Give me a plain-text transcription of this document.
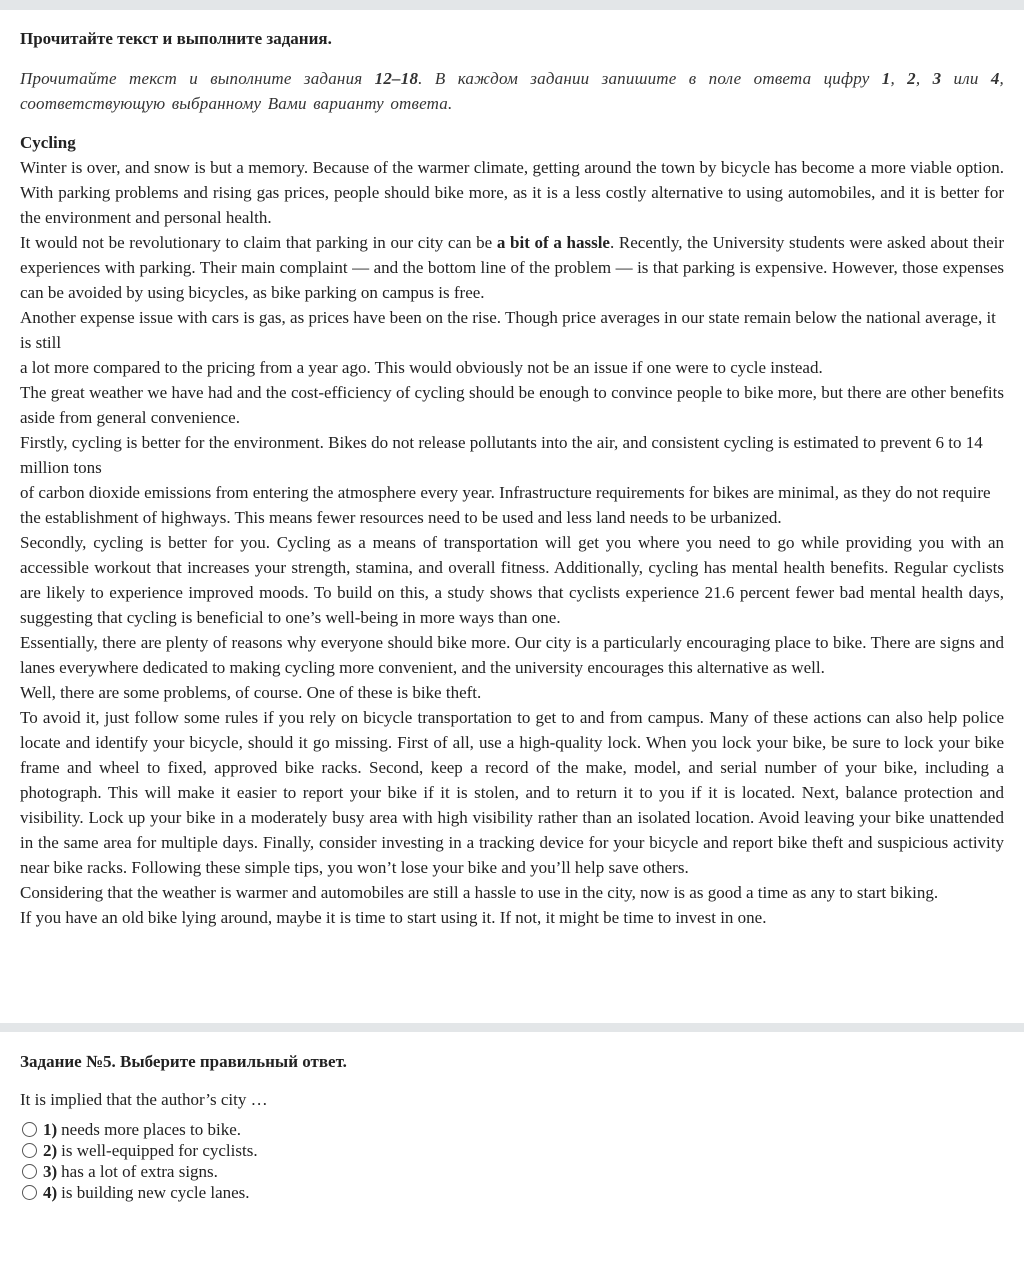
Прочитайте текст и выполните задания.
Прочитайте текст и выполните задания 12–18. В каждом задании запишите в поле ответа цифру 1, 2, 3 или 4, соответствующую выбранному Вами варианту ответа.

Cycling

Winter is over, and snow is but a memory. Because of the warmer climate, getting around the town by bicycle has become a more viable option. With parking problems and rising gas prices, people should bike more, as it is a less costly alternative to using automobiles, and it is better for the environment and personal health.

It would not be revolutionary to claim that parking in our city can be a bit of a hassle. Recently, the University students were asked about their experiences with parking. Their main complaint — and the bottom line of the problem — is that parking is expensive. However, those expenses can be avoided by using bicycles, as bike parking on campus is free.

Another expense issue with cars is gas, as prices have been on the rise. Though price averages in our state remain below the national average, it is still

a lot more compared to the pricing from a year ago. This would obviously not be an issue if one were to cycle instead.

The great weather we have had and the cost-efficiency of cycling should be enough to convince people to bike more, but there are other benefits aside from general convenience.

Firstly, cycling is better for the environment. Bikes do not release pollutants into the air, and consistent cycling is estimated to prevent 6 to 14 million tons

of carbon dioxide emissions from entering the atmosphere every year. Infrastructure requirements for bikes are minimal, as they do not require

the establishment of highways. This means fewer resources need to be used and less land needs to be urbanized.

Secondly, cycling is better for you. Cycling as a means of transportation will get you where you need to go while providing you with an accessible workout that increases your strength, stamina, and overall fitness. Additionally, cycling has mental health benefits. Regular cyclists are likely to experience improved moods. To build on this, a study shows that cyclists experience 21.6 percent fewer bad mental health days, suggesting that cycling is beneficial to one’s well-being in more ways than one.

Essentially, there are plenty of reasons why everyone should bike more. Our city is a particularly encouraging place to bike. There are signs and lanes everywhere dedicated to making cycling more convenient, and the university encourages this alternative as well.

Well, there are some problems, of course. One of these is bike theft.

To avoid it, just follow some rules if you rely on bicycle transportation to get to and from campus. Many of these actions can also help police locate and identify your bicycle, should it go missing. First of all, use a high-quality lock. When you lock your bike, be sure to lock your bike frame and wheel to fixed, approved bike racks. Second, keep a record of the make, model, and serial number of your bike, including a photograph. This will make it easier to report your bike if it is stolen, and to return it to you if it is located. Next, balance protection and visibility. Lock up your bike in a moderately busy area with high visibility rather than an isolated location. Avoid leaving your bike unattended in the same area for multiple days. Finally, consider investing in a tracking device for your bicycle and report bike theft and suspicious activity near bike racks. Following these simple tips, you won’t lose your bike and you’ll help save others.

Considering that the weather is warmer and automobiles are still a hassle to use in the city, now is as good a time as any to start biking.

If you have an old bike lying around, maybe it is time to start using it. If not, it might be time to invest in one.

Задание №5. Выберите правильный ответ.
It is implied that the author’s city …
1) needs more places to bike.
2) is well-equipped for cyclists.
3) has a lot of extra signs.
4) is building new cycle lanes.
